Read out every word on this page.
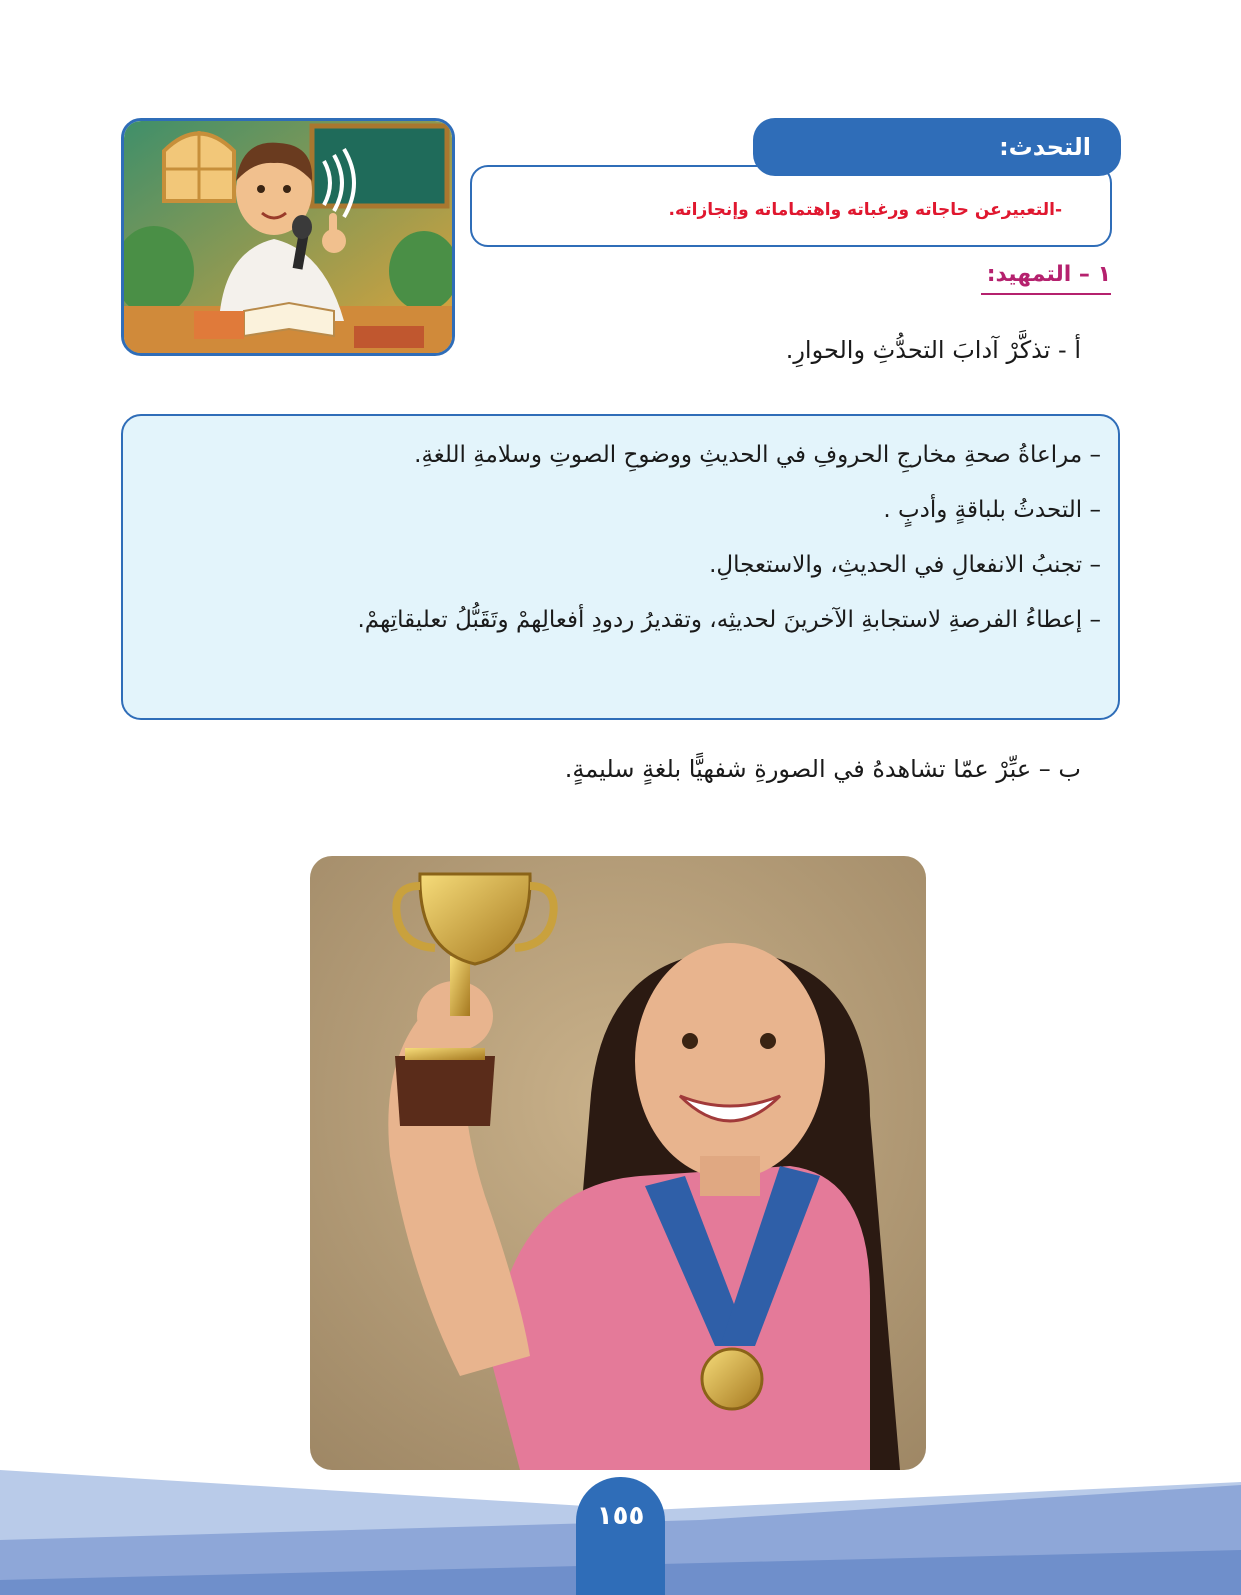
التحدث:
-التعبيرعن حاجاته ورغباته واهتماماته وإنجازاته.
١ – التمهيد:
أ - تذكَّرْ آدابَ التحدُّثِ والحوارِ.
– مراعاةُ صحةِ مخارجِ الحروفِ في الحديثِ ووضوحِ الصوتِ وسلامةِ اللغةِ.
– التحدثُ بلباقةٍ وأدبٍ .
– تجنبُ الانفعالِ في الحديثِ، والاستعجالِ.
– إعطاءُ الفرصةِ لاستجابةِ الآخرينَ لحديثِه، وتقديرُ ردودِ أفعالِهمْ وتَقَبُّلُ تعليقاتِهمْ.
ب – عبِّرْ عمّا تشاهدهُ في الصورةِ شفهيًّا بلغةٍ سليمةٍ.
١٥٥
